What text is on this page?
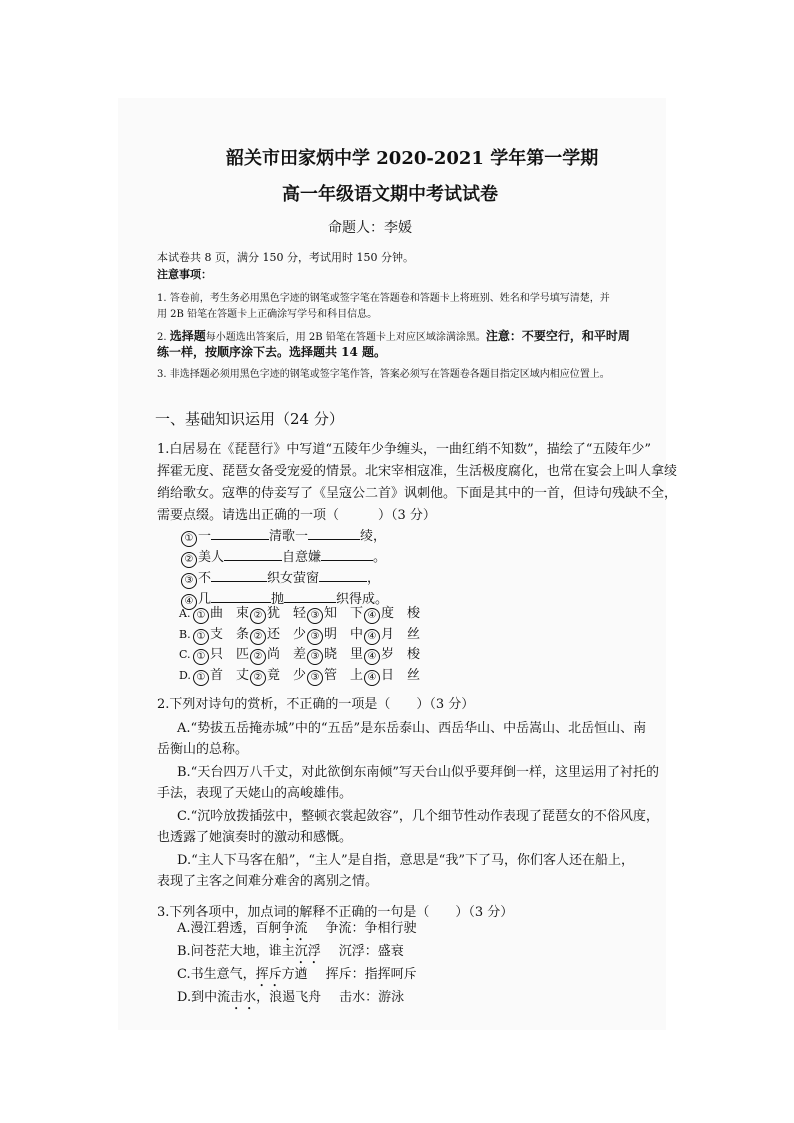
韶关市田家炳中学 2020-2021 学年第一学期
高一年级语文期中考试试卷
命题人：李媛
本试卷共 8 页，满分 150 分，考试用时 150 分钟。
注意事项：
1. 答卷前，考生务必用黑色字迹的钢笔或签字笔在答题卷和答题卡上将班别、姓名和学号填写清楚，并
用 2B 铅笔在答题卡上正确涂写学号和科目信息。
2. 选择题每小题选出答案后，用 2B 铅笔在答题卡上对应区域涂满涂黑。注意：不要空行，和平时周
练一样，按顺序涂下去。选择题共 14 题。
3. 非选择题必须用黑色字迹的钢笔或签字笔作答，答案必须写在答题卷各题目指定区域内相应位置上。
一、基础知识运用（24 分）
1.白居易在《琵琶行》中写道“五陵年少争缠头，一曲红绡不知数”，描绘了“五陵年少”
挥霍无度、琵琶女备受宠爱的情景。北宋宰相寇准，生活极度腐化，也常在宴会上叫人拿绫
绡给歌女。寇準的侍妾写了《呈寇公二首》讽刺他。下面是其中的一首，但诗句残缺不全，
需要点缀。请选出正确的一项（　　　）（3 分）
① 一	清歌一	绫，
② 美人	自意嫌	。
③ 不	织女萤窗	，
④ 几	抛	织得成。
A. ① 曲 束 ② 犹 轻 ③ 知 下 ④ 度 梭
B. ① 支 条 ② 还 少 ③ 明 中 ④ 月 丝
C. ① 只 匹 ② 尚 差 ③ 晓 里 ④ 岁 梭
D. ① 首 丈 ② 竟 少 ③ 管 上 ④ 日 丝
2.下列对诗句的赏析，不正确的一项是（　　）（3 分）
A.“势拔五岳掩赤城”中的“五岳”是东岳泰山、西岳华山、中岳嵩山、北岳恒山、南
岳衡山的总称。
B.“天台四万八千丈，对此欲倒东南倾”写天台山似乎要拜倒一样，这里运用了衬托的
手法，表现了天姥山的高峻雄伟。
C.“沉吟放拨插弦中，整顿衣裳起敛容”，几个细节性动作表现了琵琶女的不俗风度，
也透露了她演奏时的激动和感慨。
D.“主人下马客在船”，“主人”是自指，意思是“我”下了马，你们客人还在船上，
表现了主客之间难分难舍的离别之情。
3.下列各项中，加点词的解释不正确的一句是（　　）（3 分）
A.漫江碧透，百舸争流 争流：争相行驶
B.问苍茫大地，谁主沉浮 沉浮：盛衰
C.书生意气，挥斥方遒 挥斥：指挥呵斥
D.到中流击水，浪遏飞舟 击水：游泳
